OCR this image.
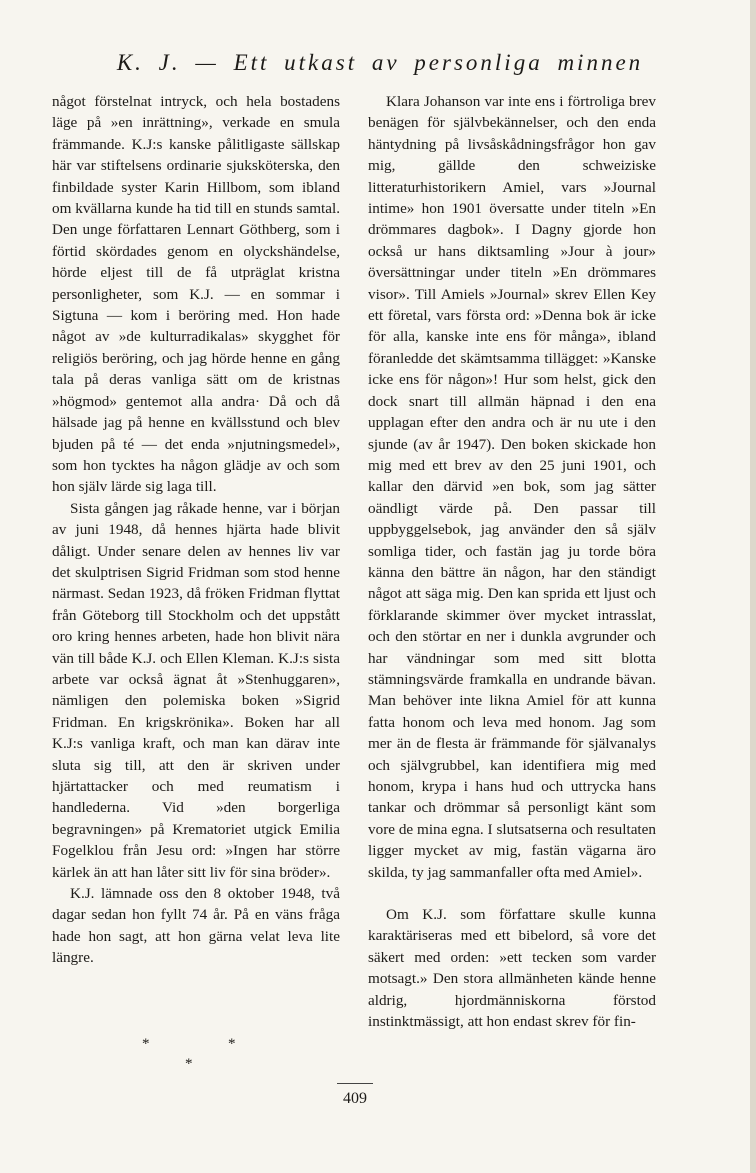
K. J. — Ett utkast av personliga minnen

något förstelnat intryck, och hela bostadens läge på »en inrättning», verkade en smula främmande. K.J:s kanske pålitligaste sällskap här var stiftelsens ordinarie sjuksköterska, den finbildade syster Karin Hillbom, som ibland om kvällarna kunde ha tid till en stunds samtal. Den unge författaren Lennart Göthberg, som i förtid skördades genom en olyckshändelse, hörde eljest till de få utpräglat kristna personligheter, som K.J. — en sommar i Sigtuna — kom i beröring med. Hon hade något av »de kulturradikalas» skygghet för religiös beröring, och jag hörde henne en gång tala på deras vanliga sätt om de kristnas »högmod» gentemot alla andra· Då och då hälsade jag på henne en kvällsstund och blev bjuden på té — det enda »njutningsmedel», som hon tycktes ha någon glädje av och som hon själv lärde sig laga till.

Sista gången jag råkade henne, var i början av juni 1948, då hennes hjärta hade blivit dåligt. Under senare delen av hennes liv var det skulptrisen Sigrid Fridman som stod henne närmast. Sedan 1923, då fröken Fridman flyttat från Göteborg till Stockholm och det uppstått oro kring hennes arbeten, hade hon blivit nära vän till både K.J. och Ellen Kleman. K.J:s sista arbete var också ägnat åt »Stenhuggaren», nämligen den polemiska boken »Sigrid Fridman. En krigskrönika». Boken har all K.J:s vanliga kraft, och man kan därav inte sluta sig till, att den är skriven under hjärtattacker och med reumatism i handlederna. Vid »den borgerliga begravningen» på Krematoriet utgick Emilia Fogelklou från Jesu ord: »Ingen har större kärlek än att han låter sitt liv för sina bröder».

K.J. lämnade oss den 8 oktober 1948, två dagar sedan hon fyllt 74 år. På en väns fråga hade hon sagt, att hon gärna velat leva lite längre.

*	*
*

Klara Johanson var inte ens i förtroliga brev benägen för självbekännelser, och den enda häntydning på livsåskådningsfrågor hon gav mig, gällde den schweiziske litteraturhistorikern Amiel, vars »Journal intime» hon 1901 översatte under titeln »En drömmares dagbok». I Dagny gjorde hon också ur hans diktsamling »Jour à jour» översättningar under titeln »En drömmares visor». Till Amiels »Journal» skrev Ellen Key ett företal, vars första ord: »Denna bok är icke för alla, kanske inte ens för många», ibland föranledde det skämtsamma tillägget: »Kanske icke ens för någon»! Hur som helst, gick den dock snart till allmän häpnad i den ena upplagan efter den andra och är nu ute i den sjunde (av år 1947). Den boken skickade hon mig med ett brev av den 25 juni 1901, och kallar den därvid »en bok, som jag sätter oändligt värde på. Den passar till uppbyggelsebok, jag använder den så själv somliga tider, och fastän jag ju torde böra känna den bättre än någon, har den ständigt något att säga mig. Den kan sprida ett ljust och förklarande skimmer över mycket intrasslat, och den störtar en ner i dunkla avgrunder och har vändningar som med sitt blotta stämningsvärde framkalla en undrande bävan. Man behöver inte likna Amiel för att kunna fatta honom och leva med honom. Jag som mer än de flesta är främmande för självanalys och självgrubbel, kan identifiera mig med honom, krypa i hans hud och uttrycka hans tankar och drömmar så personligt känt som vore de mina egna. I slutsatserna och resultaten ligger mycket av mig, fastän vägarna äro skilda, ty jag sammanfaller ofta med Amiel».

Om K.J. som författare skulle kunna karaktäriseras med ett bibelord, så vore det säkert med orden: »ett tecken som varder motsagt.» Den stora allmänheten kände henne aldrig, hjordmänniskorna förstod instinktmässigt, att hon endast skrev för fin-

409
